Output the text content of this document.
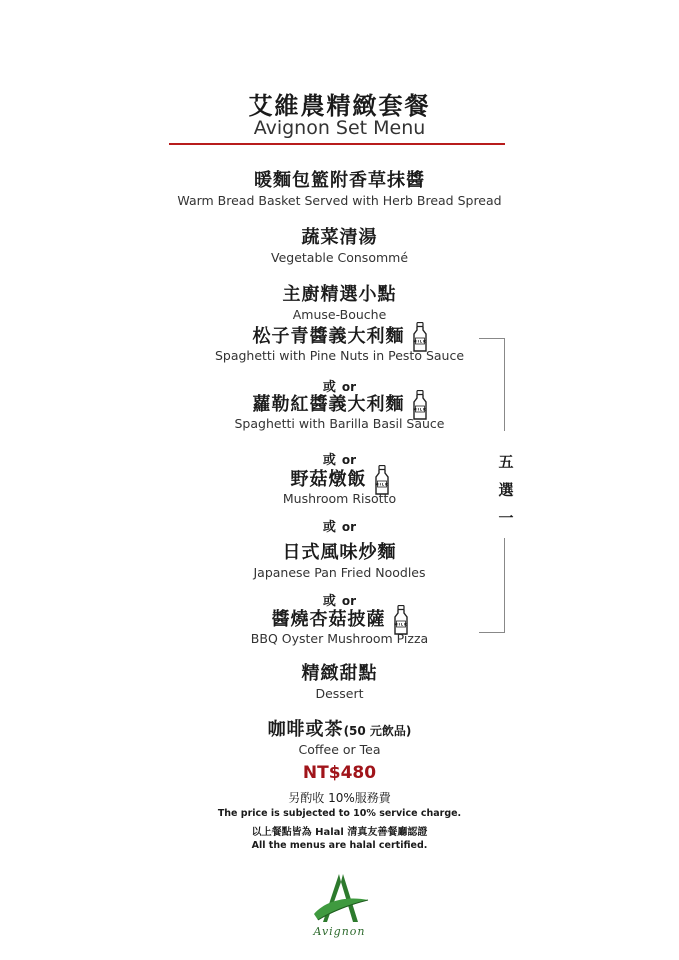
艾維農精緻套餐
Avignon Set Menu
暖麵包籃附香草抹醬
Warm Bread Basket Served with Herb Bread Spread
蔬菜清湯
Vegetable Consommé
主廚精選小點
Amuse-Bouche
松子青醬義大利麵 MILK
Spaghetti with Pine Nuts in Pesto Sauce
或 or
蘿勒紅醬義大利麵 MILK
Spaghetti with Barilla Basil Sauce
或 or
野菇燉飯 MILK
Mushroom Risotto
或 or
日式風味炒麵
Japanese Pan Fried Noodles
或 or
醬燒杏菇披薩 MILK
BBQ Oyster Mushroom Pizza
五
選
一
精緻甜點
Dessert
咖啡或茶(50 元飲品)
Coffee or Tea
NT$480
另酌收 10%服務費
The price is subjected to 10% service charge.
以上餐點皆為 Halal 清真友善餐廳認證
All the menus are halal certified.
Avignon
